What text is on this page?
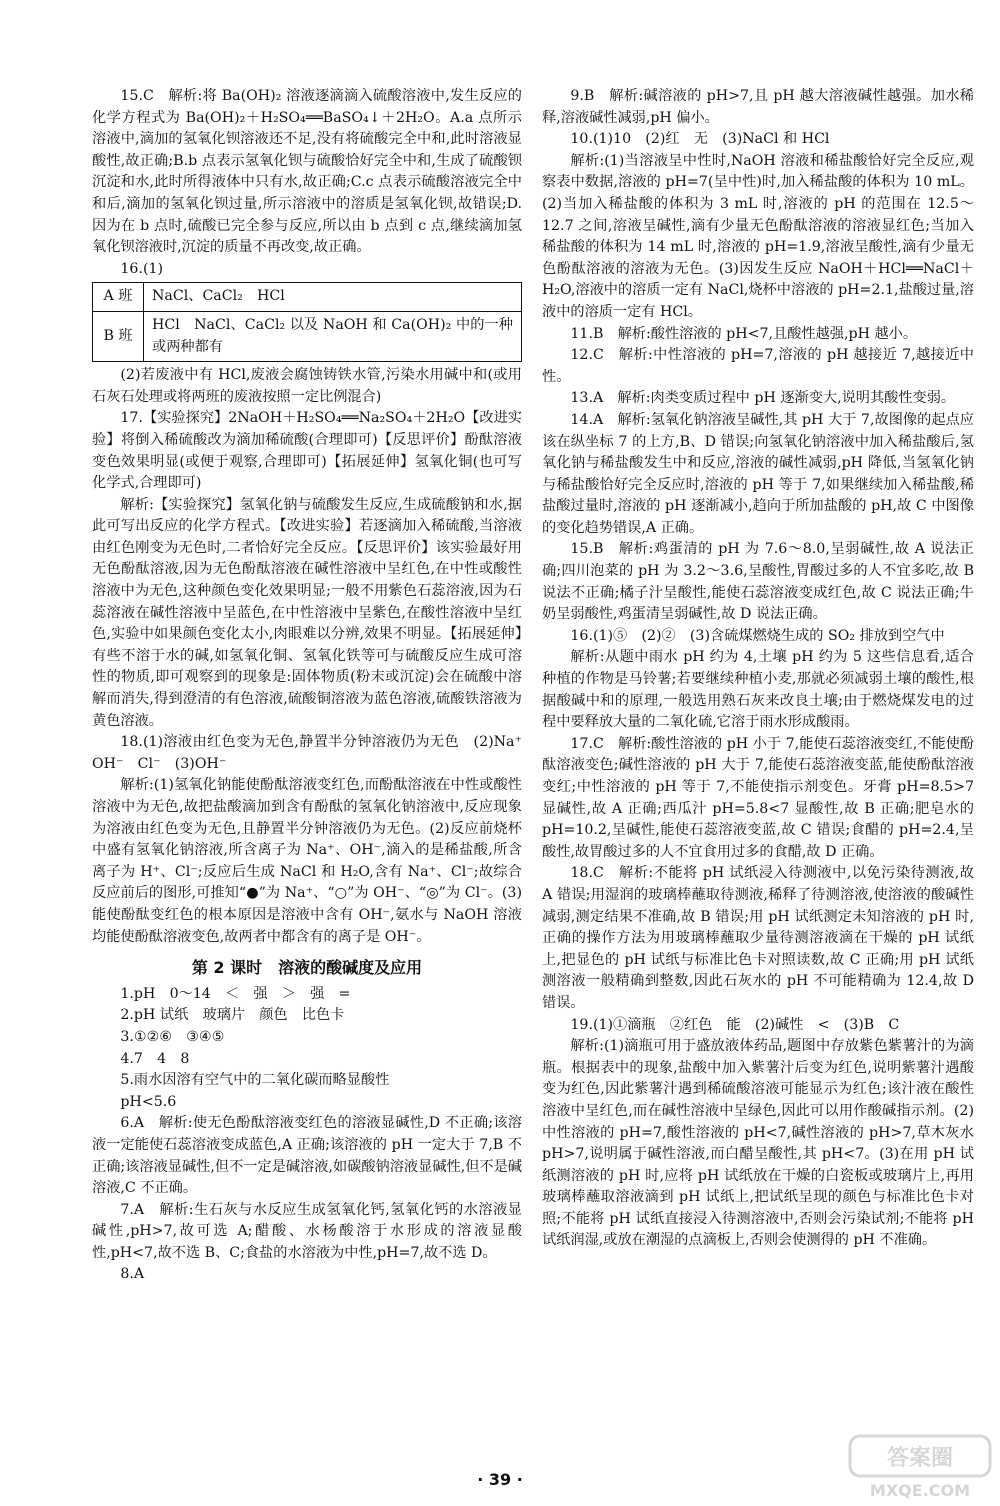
15.C　解析:将 Ba(OH)₂ 溶液逐滴滴入硫酸溶液中,发生反应的化学方程式为 Ba(OH)₂＋H₂SO₄══BaSO₄↓＋2H₂O。A.a 点所示溶液中,滴加的氢氧化钡溶液还不足,没有将硫酸完全中和,此时溶液显酸性,故正确;B.b 点表示氢氧化钡与硫酸恰好完全中和,生成了硫酸钡沉淀和水,此时所得液体中只有水,故正确;C.c 点表示硫酸溶液完全中和后,滴加的氢氧化钡过量,所示溶液中的溶质是氢氧化钡,故错误;D.因为在 b 点时,硫酸已完全参与反应,所以由 b 点到 c 点,继续滴加氢氧化钡溶液时,沉淀的质量不再改变,故正确。

16.(1)

A 班	NaCl、CaCl₂　HCl
B 班	HCl　NaCl、CaCl₂ 以及 NaOH 和 Ca(OH)₂ 中的一种或两种都有

(2)若废液中有 HCl,废液会腐蚀铸铁水管,污染水用碱中和(或用石灰石处理或将两班的废液按照一定比例混合)

17.【实验探究】2NaOH＋H₂SO₄══Na₂SO₄＋2H₂O【改进实验】将倒入稀硫酸改为滴加稀硫酸(合理即可)【反思评价】酚酞溶液　变色效果明显(或便于观察,合理即可)【拓展延伸】氢氧化铜(也可写化学式,合理即可)

解析:【实验探究】氢氧化钠与硫酸发生反应,生成硫酸钠和水,据此可写出反应的化学方程式。【改进实验】若逐滴加入稀硫酸,当溶液由红色刚变为无色时,二者恰好完全反应。【反思评价】该实验最好用无色酚酞溶液,因为无色酚酞溶液在碱性溶液中呈红色,在中性或酸性溶液中为无色,这种颜色变化效果明显;一般不用紫色石蕊溶液,因为石蕊溶液在碱性溶液中呈蓝色,在中性溶液中呈紫色,在酸性溶液中呈红色,实验中如果颜色变化太小,肉眼难以分辨,效果不明显。【拓展延伸】有些不溶于水的碱,如氢氧化铜、氢氧化铁等可与硫酸反应生成可溶性的物质,即可观察到的现象是:固体物质(粉末或沉淀)会在硫酸中溶解而消失,得到澄清的有色溶液,硫酸铜溶液为蓝色溶液,硫酸铁溶液为黄色溶液。

18.(1)溶液由红色变为无色,静置半分钟溶液仍为无色　(2)Na⁺　OH⁻　Cl⁻　(3)OH⁻

解析:(1)氢氧化钠能使酚酞溶液变红色,而酚酞溶液在中性或酸性溶液中为无色,故把盐酸滴加到含有酚酞的氢氧化钠溶液中,反应现象为溶液由红色变为无色,且静置半分钟溶液仍为无色。(2)反应前烧杯中盛有氢氧化钠溶液,所含离子为 Na⁺、OH⁻,滴入的是稀盐酸,所含离子为 H⁺、Cl⁻;反应后生成 NaCl 和 H₂O,含有 Na⁺、Cl⁻;故综合反应前后的图形,可推知“●”为 Na⁺、“○”为 OH⁻、“◎”为 Cl⁻。(3)能使酚酞变红色的根本原因是溶液中含有 OH⁻,氨水与 NaOH 溶液均能使酚酞溶液变色,故两者中都含有的离子是 OH⁻。

第 2 课时　溶液的酸碱度及应用

1.pH　0～14　＜　强　＞　强　=

2.pH 试纸　玻璃片　颜色　比色卡

3.①②⑥　③④⑤

4.7　4　8

5.雨水因溶有空气中的二氧化碳而略显酸性

pH<5.6

6.A　解析:使无色酚酞溶液变红色的溶液显碱性,D 不正确;该溶液一定能使石蕊溶液变成蓝色,A 正确;该溶液的 pH 一定大于 7,B 不正确;该溶液显碱性,但不一定是碱溶液,如碳酸钠溶液显碱性,但不是碱溶液,C 不正确。

7.A　解析:生石灰与水反应生成氢氧化钙,氢氧化钙的水溶液显碱性,pH>7,故可选 A;醋酸、水杨酸溶于水形成的溶液显酸性,pH<7,故不选 B、C;食盐的水溶液为中性,pH=7,故不选 D。

8.A

9.B　解析:碱溶液的 pH>7,且 pH 越大溶液碱性越强。加水稀释,溶液碱性减弱,pH 偏小。

10.(1)10　(2)红　无　(3)NaCl 和 HCl

解析:(1)当溶液呈中性时,NaOH 溶液和稀盐酸恰好完全反应,观察表中数据,溶液的 pH=7(呈中性)时,加入稀盐酸的体积为 10 mL。(2)当加入稀盐酸的体积为 3 mL 时,溶液的 pH 的范围在 12.5～12.7 之间,溶液呈碱性,滴有少量无色酚酞溶液的溶液显红色;当加入稀盐酸的体积为 14 mL 时,溶液的 pH=1.9,溶液呈酸性,滴有少量无色酚酞溶液的溶液为无色。(3)因发生反应 NaOH＋HCl══NaCl＋H₂O,溶液中的溶质一定有 NaCl,烧杯中溶液的 pH=2.1,盐酸过量,溶液中的溶质一定有 HCl。

11.B　解析:酸性溶液的 pH<7,且酸性越强,pH 越小。

12.C　解析:中性溶液的 pH=7,溶液的 pH 越接近 7,越接近中性。

13.A　解析:肉类变质过程中 pH 逐渐变大,说明其酸性变弱。

14.A　解析:氢氧化钠溶液呈碱性,其 pH 大于 7,故图像的起点应该在纵坐标 7 的上方,B、D 错误;向氢氧化钠溶液中加入稀盐酸后,氢氧化钠与稀盐酸发生中和反应,溶液的碱性减弱,pH 降低,当氢氧化钠与稀盐酸恰好完全反应时,溶液的 pH 等于 7,如果继续加入稀盐酸,稀盐酸过量时,溶液的 pH 逐渐减小,趋向于所加盐酸的 pH,故 C 中图像的变化趋势错误,A 正确。

15.B　解析:鸡蛋清的 pH 为 7.6～8.0,呈弱碱性,故 A 说法正确;四川泡菜的 pH 为 3.2～3.6,呈酸性,胃酸过多的人不宜多吃,故 B 说法不正确;橘子汁呈酸性,能使石蕊溶液变成红色,故 C 说法正确;牛奶呈弱酸性,鸡蛋清呈弱碱性,故 D 说法正确。

16.(1)⑤　(2)②　(3)含硫煤燃烧生成的 SO₂ 排放到空气中

解析:从题中雨水 pH 约为 4,土壤 pH 约为 5 这些信息看,适合种植的作物是马铃薯;若要继续种植小麦,那就必须减弱土壤的酸性,根据酸碱中和的原理,一般选用熟石灰来改良土壤;由于燃烧煤发电的过程中要释放大量的二氧化硫,它溶于雨水形成酸雨。

17.C　解析:酸性溶液的 pH 小于 7,能使石蕊溶液变红,不能使酚酞溶液变色;碱性溶液的 pH 大于 7,能使石蕊溶液变蓝,能使酚酞溶液变红;中性溶液的 pH 等于 7,不能使指示剂变色。牙膏 pH=8.5>7 显碱性,故 A 正确;西瓜汁 pH=5.8<7 显酸性,故 B 正确;肥皂水的 pH=10.2,呈碱性,能使石蕊溶液变蓝,故 C 错误;食醋的 pH=2.4,呈酸性,故胃酸过多的人不宜食用过多的食醋,故 D 正确。

18.C　解析:不能将 pH 试纸浸入待测液中,以免污染待测液,故 A 错误;用湿润的玻璃棒蘸取待测液,稀释了待测溶液,使溶液的酸碱性减弱,测定结果不准确,故 B 错误;用 pH 试纸测定未知溶液的 pH 时,正确的操作方法为用玻璃棒蘸取少量待测溶液滴在干燥的 pH 试纸上,把显色的 pH 试纸与标准比色卡对照读数,故 C 正确;用 pH 试纸测溶液一般精确到整数,因此石灰水的 pH 不可能精确为 12.4,故 D 错误。

19.(1)①滴瓶　②红色　能　(2)碱性　<　(3)B　C

解析:(1)滴瓶可用于盛放液体药品,题图中存放紫色紫薯汁的为滴瓶。根据表中的现象,盐酸中加入紫薯汁后变为红色,说明紫薯汁遇酸变为红色,因此紫薯汁遇到稀硫酸溶液可能显示为红色;该汁液在酸性溶液中呈红色,而在碱性溶液中呈绿色,因此可以用作酸碱指示剂。(2)中性溶液的 pH=7,酸性溶液的 pH<7,碱性溶液的 pH>7,草木灰水 pH>7,说明属于碱性溶液,而白醋呈酸性,其 pH<7。(3)在用 pH 试纸测溶液的 pH 时,应将 pH 试纸放在干燥的白瓷板或玻璃片上,再用玻璃棒蘸取溶液滴到 pH 试纸上,把试纸呈现的颜色与标准比色卡对照;不能将 pH 试纸直接浸入待测溶液中,否则会污染试剂;不能将 pH 试纸润湿,或放在潮湿的点滴板上,否则会使测得的 pH 不准确。

· 39 ·
答案圈
MXQE.COM
